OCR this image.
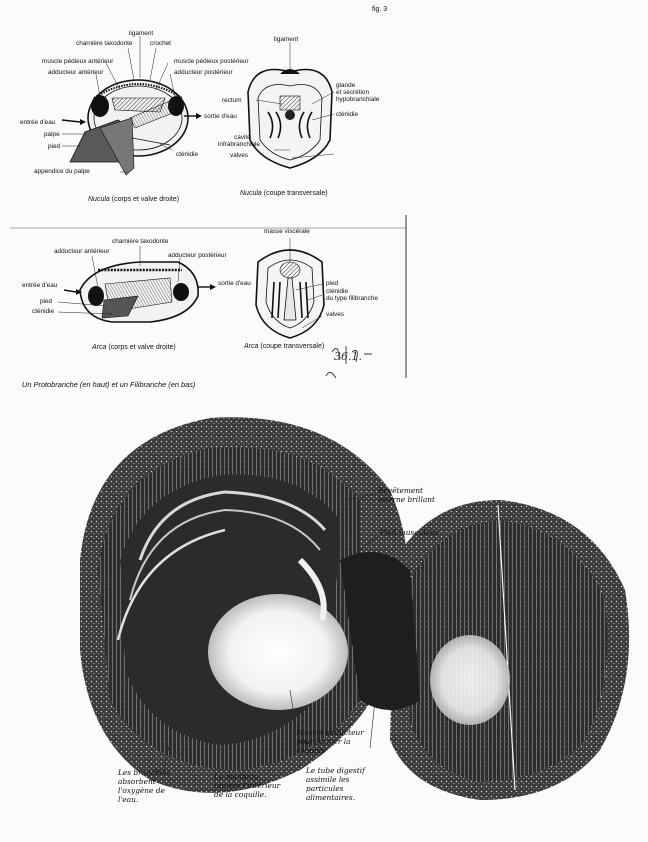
fig. 3
ligament
charnière taxodonte	crochet
muscle pédieux antérieur	muscle pédieux postérieur
adducteur antérieur	adducteur postérieur
entrée d'eau
palpe
pied
sortie d'eau
cténidie
appendice du palpe
Nucula (corps et valve droite)
ligament
rectum
glande
et sécrétion
hypobranchiale
cténidie
cavité
infrabranchiale
valves
Nucula (coupe transversale)
charnière taxodonte
adducteur antérieur
adducteur postérieur
entrée d'eau	sortie d'eau
pied
cténidie
Arca (corps et valve droite)
masse viscérale
pied
cténidie
du type filibranche
valves
Arca (coupe transversale)
Un Protobranche (en haut) et un Filibranche (en bas)
36.1.
Revêtement interne brillant
Pied musculeux
Muscle adducteur pour fermer la coquille
Les branchies absorbent l'oxygène de l'eau.
Le manteau tapisse l'intérieur de la coquille.
Le tube digestif assimile les particules alimentaires.
